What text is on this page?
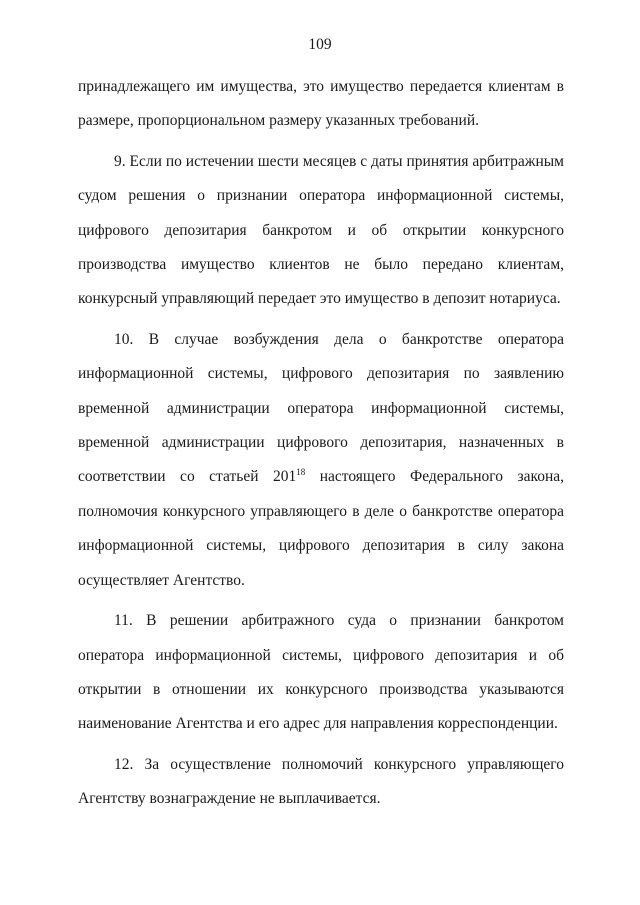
109

принадлежащего им имущества, это имущество передается клиентам в размере, пропорциональном размеру указанных требований.

9. Если по истечении шести месяцев с даты принятия арбитражным судом решения о признании оператора информационной системы, цифрового депозитария банкротом и об открытии конкурсного производства имущество клиентов не было передано клиентам, конкурсный управляющий передает это имущество в депозит нотариуса.

10. В случае возбуждения дела о банкротстве оператора информационной системы, цифрового депозитария по заявлению временной администрации оператора информационной системы, временной администрации цифрового депозитария, назначенных в соответствии со статьей $201^{18}$ настоящего Федерального закона, полномочия конкурсного управляющего в деле о банкротстве оператора информационной системы, цифрового депозитария в силу закона осуществляет Агентство.

11. В решении арбитражного суда о признании банкротом оператора информационной системы, цифрового депозитария и об открытии в отношении их конкурсного производства указываются наименование Агентства и его адрес для направления корреспонденции.

12. За осуществление полномочий конкурсного управляющего Агентству вознаграждение не выплачивается.
